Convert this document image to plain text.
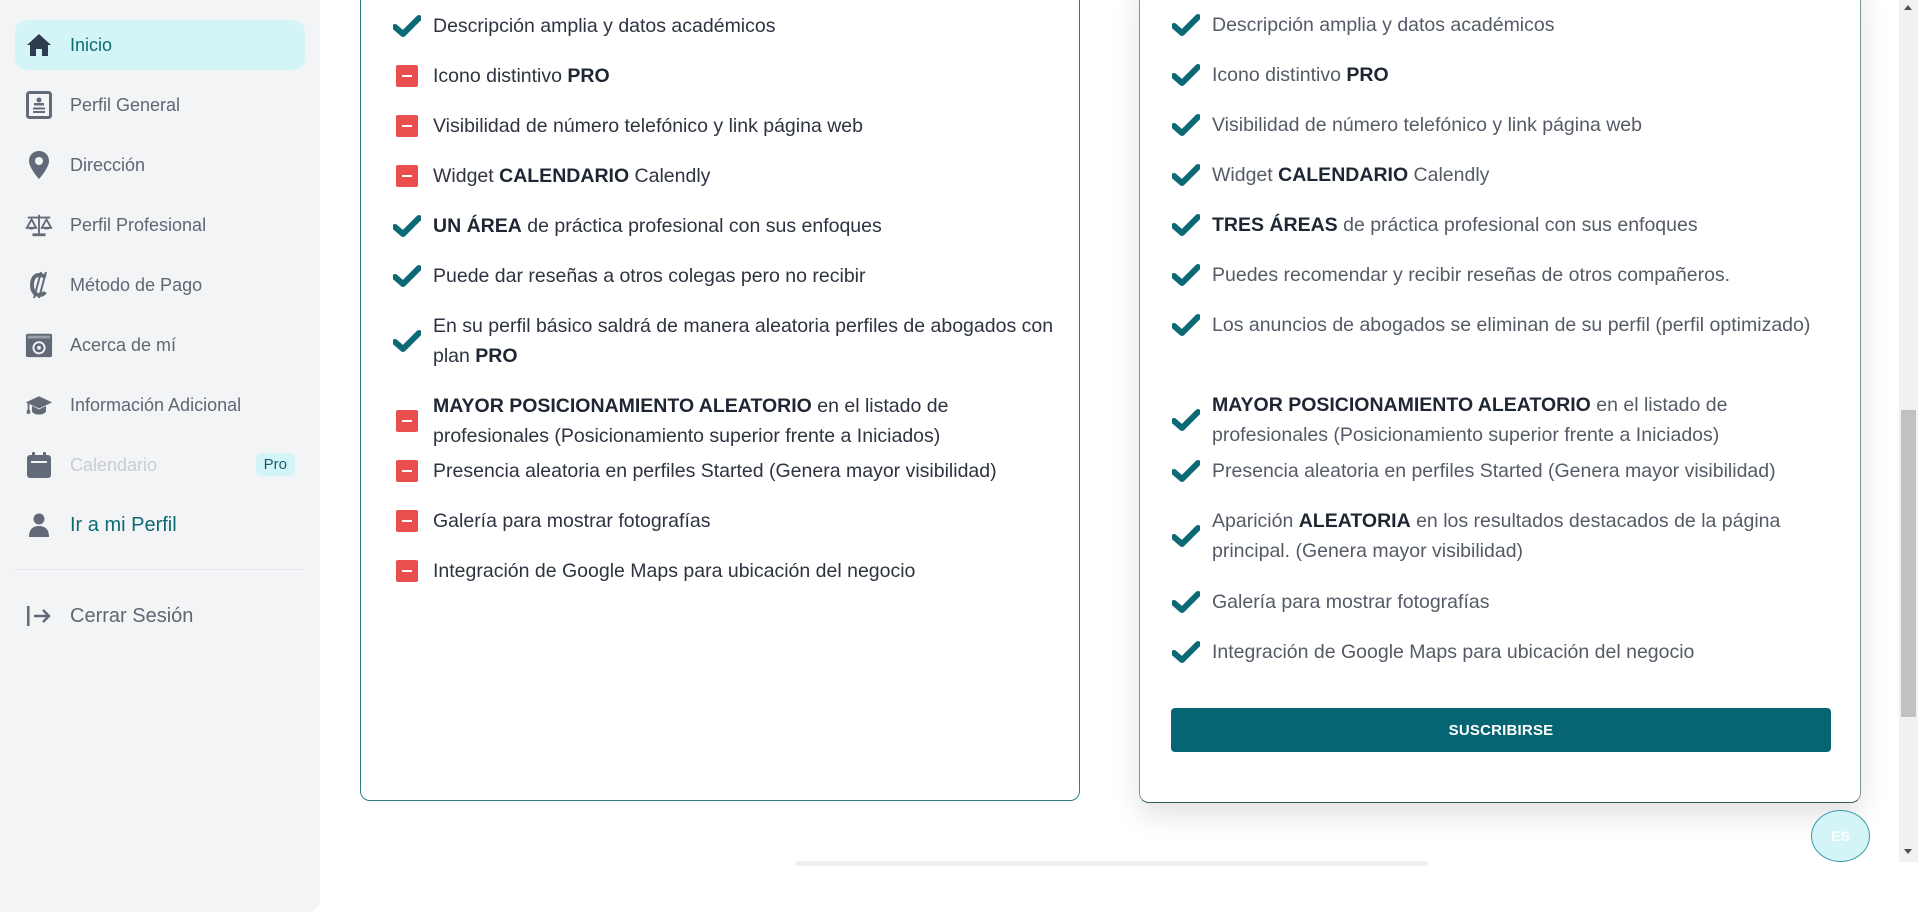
Inicio
Perfil General
Dirección
Perfil Profesional
Método de Pago
Acerca de mí
Información Adicional
Calendario	Pro
Ir a mi Perfil
Cerrar Sesión
Descripción amplia y datos académicos
Icono distintivo PRO
Visibilidad de número telefónico y link página web
Widget CALENDARIO Calendly
UN ÁREA de práctica profesional con sus enfoques
Puede dar reseñas a otros colegas pero no recibir
En su perfil básico saldrá de manera aleatoria perfiles de abogados con plan PRO
MAYOR POSICIONAMIENTO ALEATORIO en el listado de profesionales (Posicionamiento superior frente a Iniciados)
Presencia aleatoria en perfiles Started (Genera mayor visibilidad)
Galería para mostrar fotografías
Integración de Google Maps para ubicación del negocio
Descripción amplia y datos académicos
Icono distintivo PRO
Visibilidad de número telefónico y link página web
Widget CALENDARIO Calendly
TRES ÁREAS de práctica profesional con sus enfoques
Puedes recomendar y recibir reseñas de otros compañeros.
Los anuncios de abogados se eliminan de su perfil (perfil optimizado)
MAYOR POSICIONAMIENTO ALEATORIO en el listado de profesionales (Posicionamiento superior frente a Iniciados)
Presencia aleatoria en perfiles Started (Genera mayor visibilidad)
Aparición ALEATORIA en los resultados destacados de la página principal. (Genera mayor visibilidad)
Galería para mostrar fotografías
Integración de Google Maps para ubicación del negocio
SUSCRIBIRSE
ES
